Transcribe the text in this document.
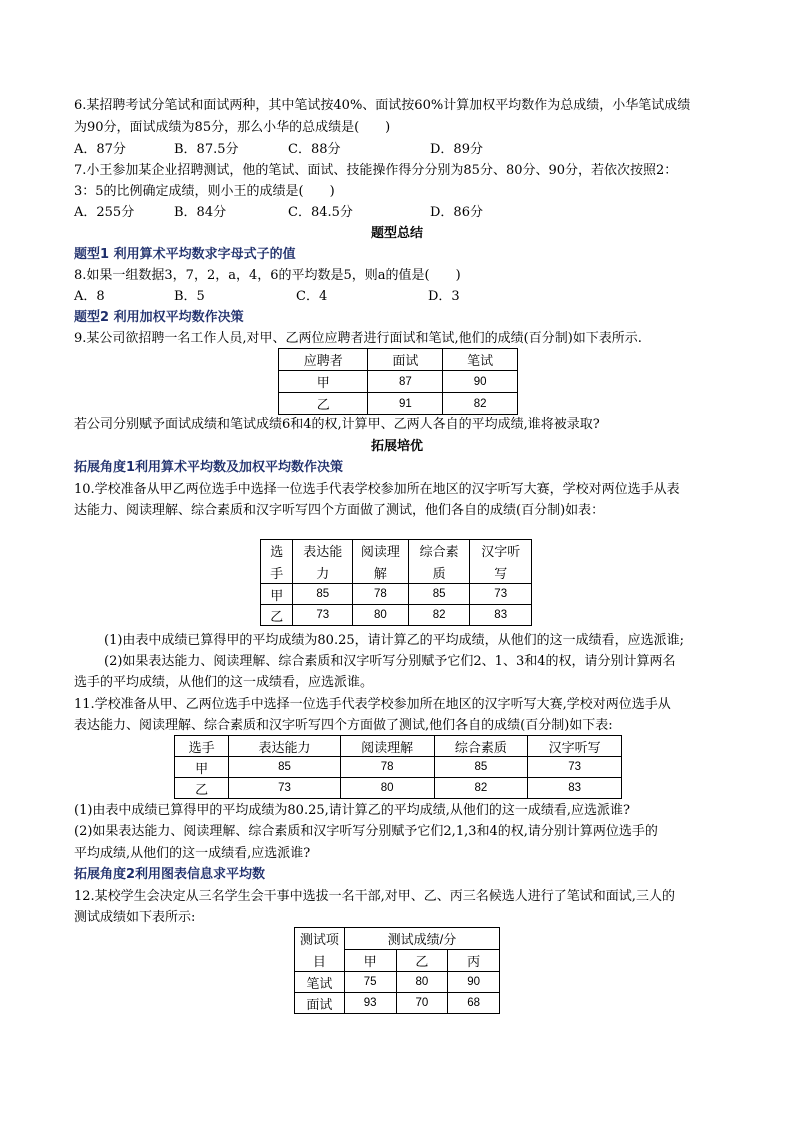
6.某招聘考试分笔试和面试两种，其中笔试按40%、面试按60%计算加权平均数作为总成绩，小华笔试成绩
为90分，面试成绩为85分，那么小华的总成绩是(　　)
A．87分	B．87.5分	C．88分	D．89分
7.小王参加某企业招聘测试，他的笔试、面试、技能操作得分分别为85分、80分、90分，若依次按照2：
3：5的比例确定成绩，则小王的成绩是(　　)
A．255分	B．84分	C．84.5分	D．86分
题型总结
题型1 利用算术平均数求字母式子的值
8.如果一组数据3，7，2，a，4，6的平均数是5，则a的值是(　　)
A．8	B．5	C．4	D．3
题型2 利用加权平均数作决策
9.某公司欲招聘一名工作人员,对甲、乙两位应聘者进行面试和笔试,他们的成绩(百分制)如下表所示.
应聘者	面试	笔试
甲	87	90
乙	91	82
若公司分别赋予面试成绩和笔试成绩6和4的权,计算甲、乙两人各自的平均成绩,谁将被录取?
拓展培优
拓展角度1利用算术平均数及加权平均数作决策
10.学校准备从甲乙两位选手中选择一位选手代表学校参加所在地区的汉字听写大赛，学校对两位选手从表
达能力、阅读理解、综合素质和汉字听写四个方面做了测试，他们各自的成绩(百分制)如表：
选	表达能	阅读理	综合素	汉字听
手	力	解	质	写
甲	85	78	85	73
乙	73	80	82	83
(1)由表中成绩已算得甲的平均成绩为80.25，请计算乙的平均成绩，从他们的这一成绩看，应选派谁;
(2)如果表达能力、阅读理解、综合素质和汉字听写分别赋予它们2、1、3和4的权，请分别计算两名
选手的平均成绩，从他们的这一成绩看，应选派谁。
11.学校准备从甲、乙两位选手中选择一位选手代表学校参加所在地区的汉字听写大赛,学校对两位选手从
表达能力、阅读理解、综合素质和汉字听写四个方面做了测试,他们各自的成绩(百分制)如下表:
选手	表达能力	阅读理解	综合素质	汉字听写
甲	85	78	85	73
乙	73	80	82	83
(1)由表中成绩已算得甲的平均成绩为80.25,请计算乙的平均成绩,从他们的这一成绩看,应选派谁?
(2)如果表达能力、阅读理解、综合素质和汉字听写分别赋予它们2,1,3和4的权,请分别计算两位选手的
平均成绩,从他们的这一成绩看,应选派谁?
拓展角度2利用图表信息求平均数
12.某校学生会决定从三名学生会干事中选拔一名干部,对甲、乙、丙三名候选人进行了笔试和面试,三人的
测试成绩如下表所示:
测试项	测试成绩/分		
目	甲	乙	丙
笔试	75	80	90
面试	93	70	68
